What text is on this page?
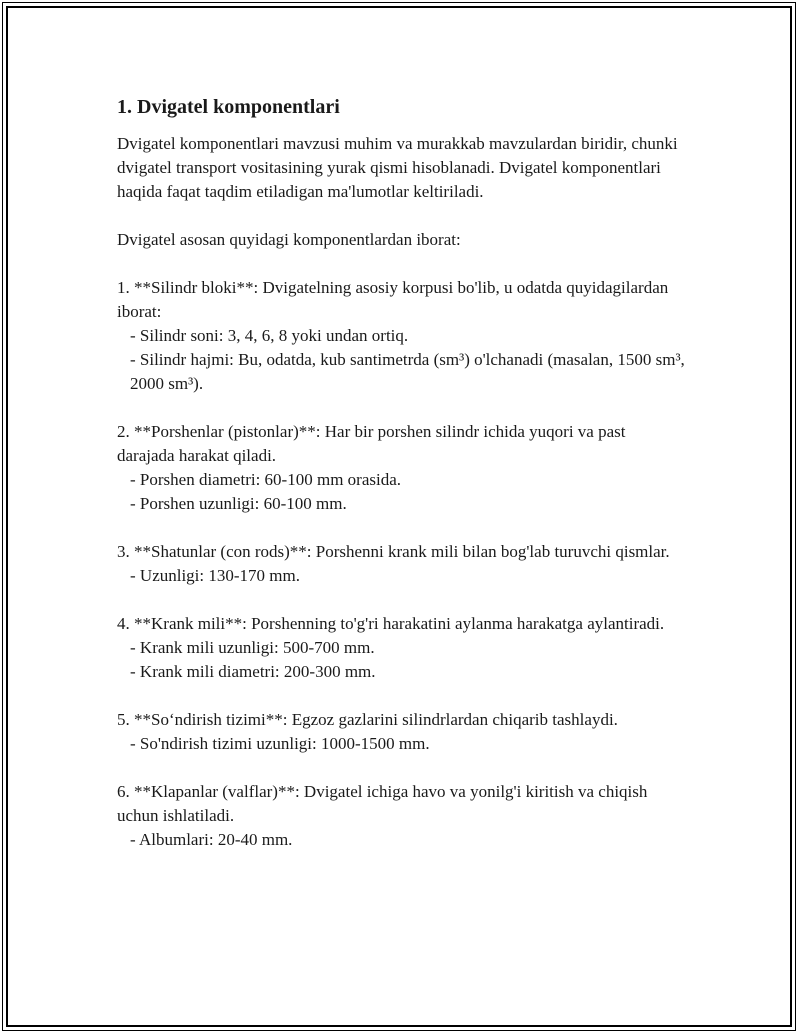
1. Dvigatel komponentlari

Dvigatel komponentlari mavzusi muhim va murakkab mavzulardan biridir, chunki dvigatel transport vositasining yurak qismi hisoblanadi. Dvigatel komponentlari haqida faqat taqdim etiladigan ma'lumotlar keltiriladi.

Dvigatel asosan quyidagi komponentlardan iborat:

1. **Silindr bloki**: Dvigatelning asosiy korpusi bo'lib, u odatda quyidagilardan iborat:

- Silindr soni: 3, 4, 6, 8 yoki undan ortiq.

- Silindr hajmi: Bu, odatda, kub santimetrda (sm³) o'lchanadi (masalan, 1500 sm³, 2000 sm³).

2. **Porshenlar (pistonlar)**: Har bir porshen silindr ichida yuqori va past darajada harakat qiladi.

- Porshen diametri: 60-100 mm orasida.

- Porshen uzunligi: 60-100 mm.

3. **Shatunlar (con rods)**: Porshenni krank mili bilan bog'lab turuvchi qismlar.

- Uzunligi: 130-170 mm.

4. **Krank mili**: Porshenning to'g'ri harakatini aylanma harakatga aylantiradi.

- Krank mili uzunligi: 500-700 mm.

- Krank mili diametri: 200-300 mm.

5. **So‘ndirish tizimi**: Egzoz gazlarini silindrlardan chiqarib tashlaydi.

- So'ndirish tizimi uzunligi: 1000-1500 mm.

6. **Klapanlar (valflar)**: Dvigatel ichiga havo va yonilg'i kiritish va chiqish uchun ishlatiladi.

- Albumlari: 20-40 mm.
